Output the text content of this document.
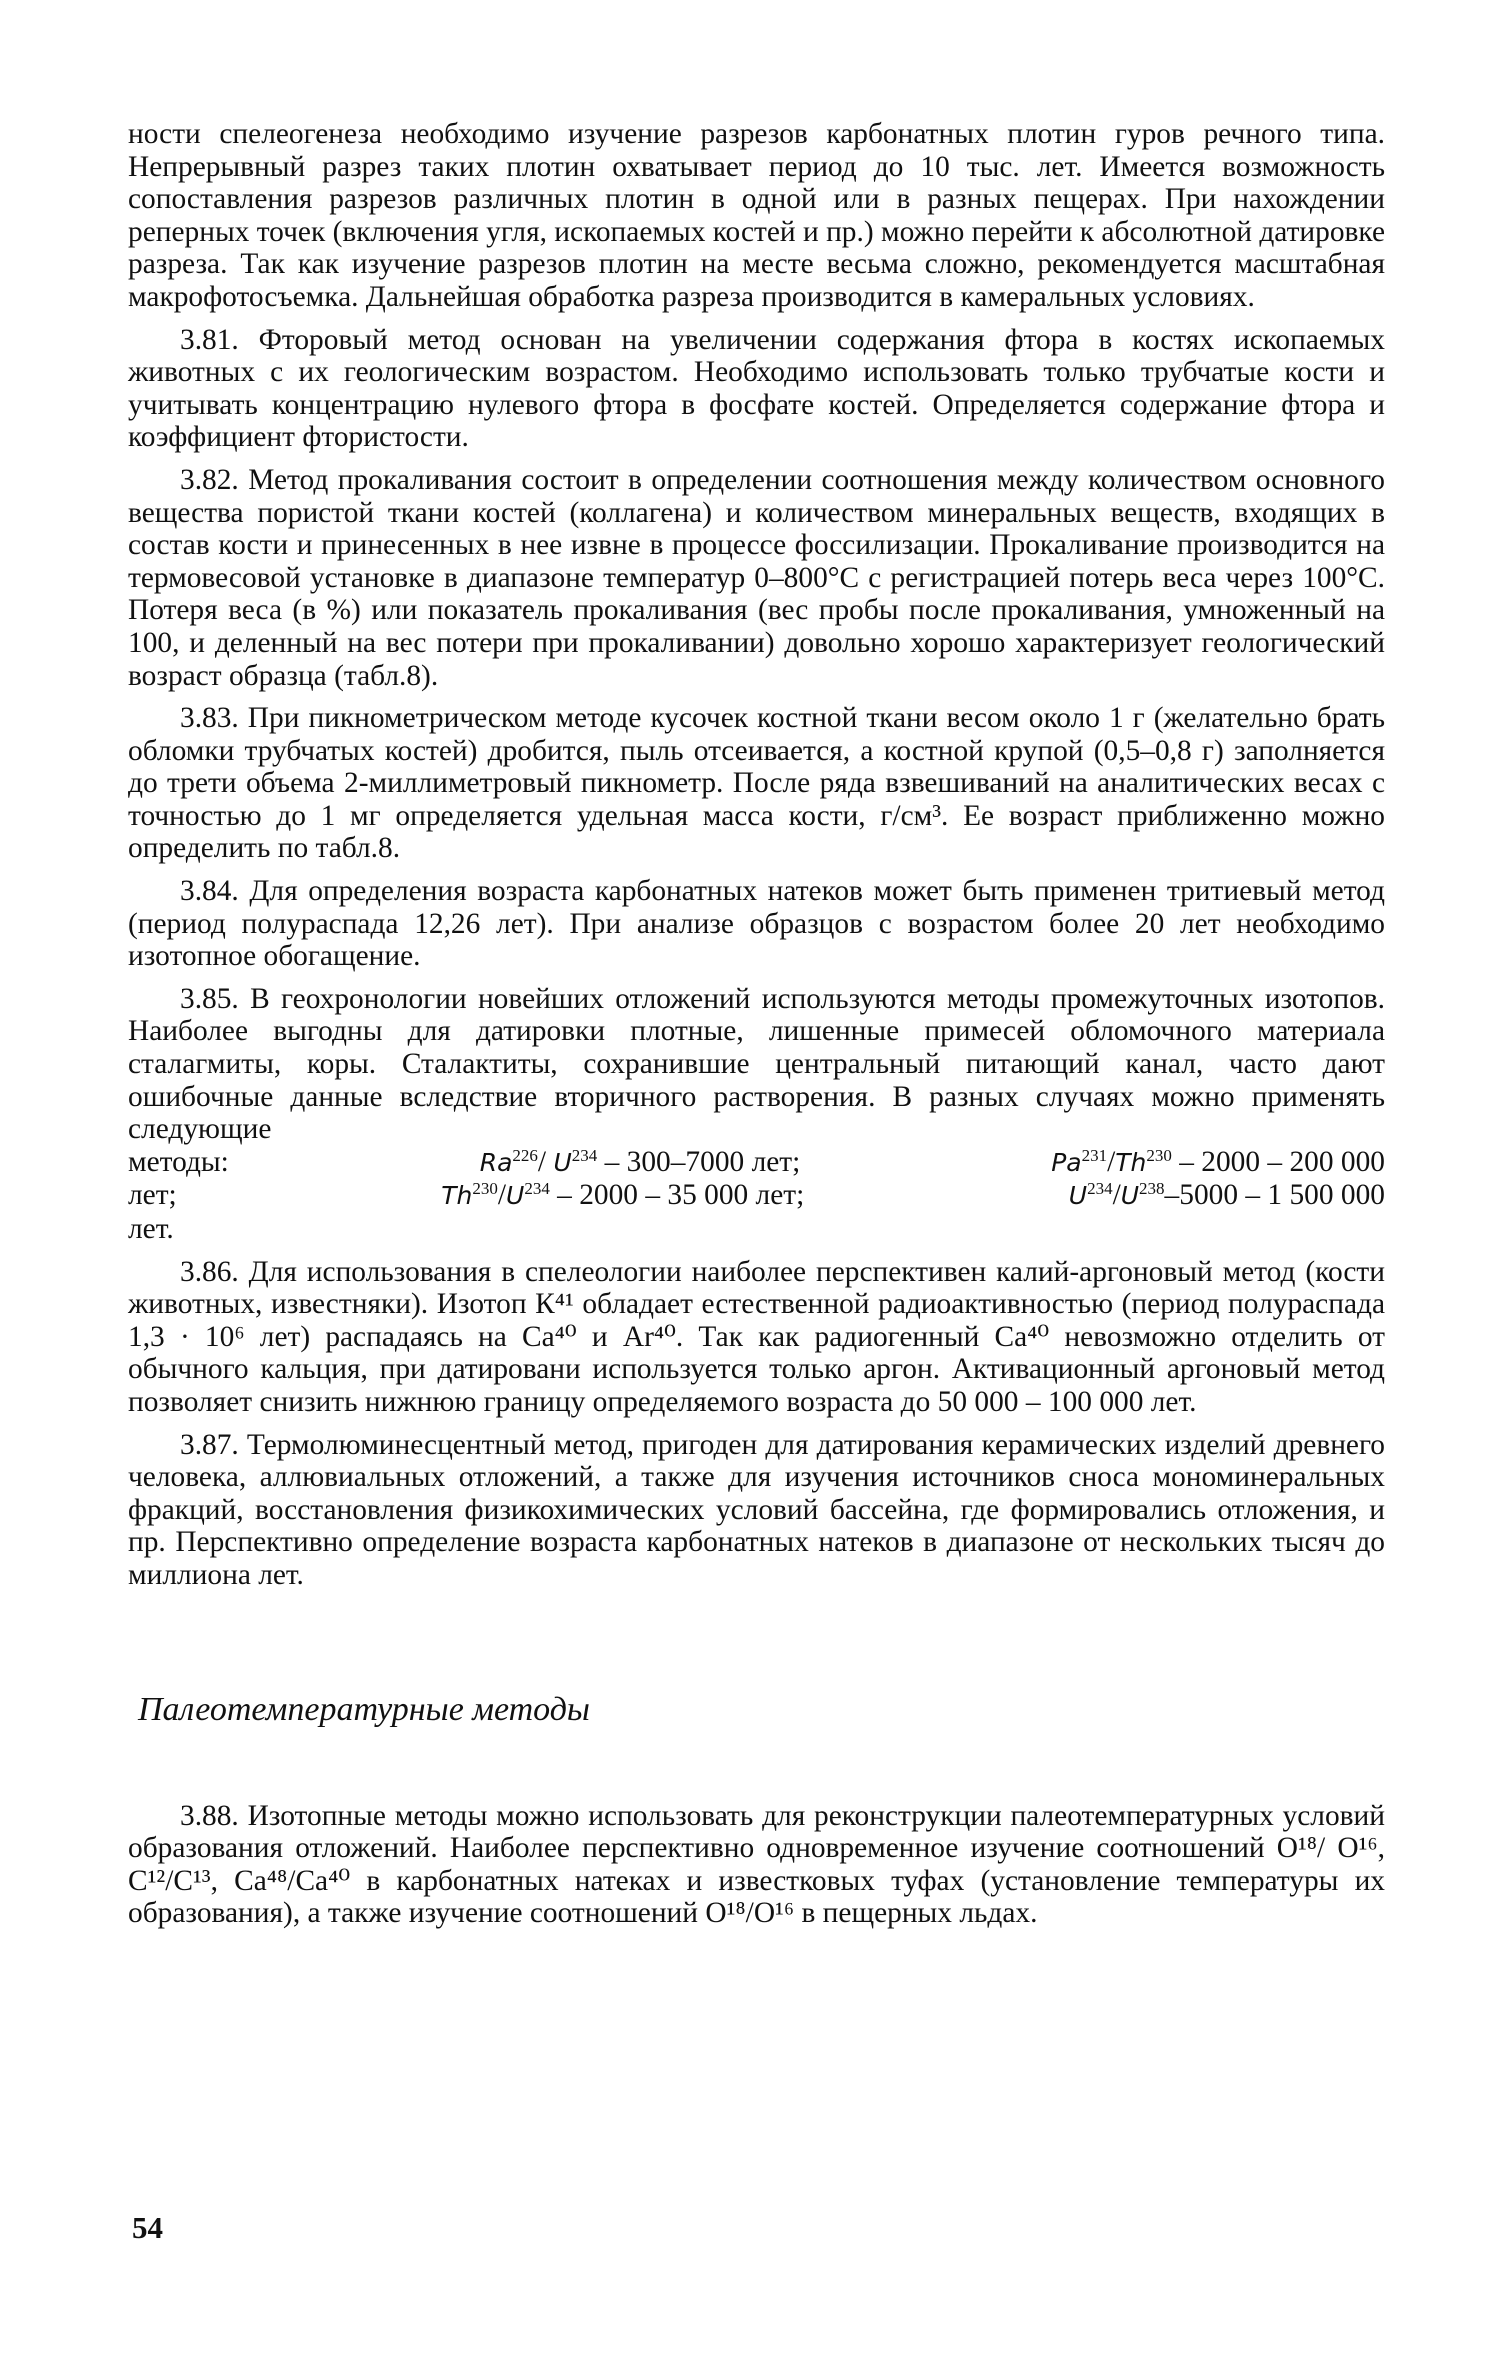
ности спелеогенеза необходимо изучение разрезов карбонатных плотин гуров речного типа. Непрерывный разрез таких плотин охватывает период до 10 тыс. лет. Имеется возможность сопоставления разрезов различных плотин в одной или в разных пещерах. При нахождении реперных точек (включения угля, ископаемых костей и пр.) можно перейти к абсолютной датировке разреза. Так как изучение разрезов плотин на месте весьма сложно, рекомендуется масштабная макрофотосъемка. Дальнейшая обработка разреза производится в камеральных условиях.

3.81. Фторовый метод основан на увеличении содержания фтора в костях ископаемых животных с их геологическим возрастом. Необходимо использовать только трубчатые кости и учитывать концентрацию нулевого фтора в фосфате костей. Определяется содержание фтора и коэффициент фтористости.

3.82. Метод прокаливания состоит в определении соотношения между количеством основного вещества пористой ткани костей (коллагена) и количеством минеральных веществ, входящих в состав кости и принесенных в нее извне в процессе фоссилизации. Прокаливание производится на термовесовой установке в диапазоне температур 0–800°С с регистрацией потерь веса через 100°С. Потеря веса (в %) или показатель прокаливания (вес пробы после прокаливания, умноженный на 100, и деленный на вес потери при прокаливании) довольно хорошо характеризует геологический возраст образца (табл.8).

3.83. При пикнометрическом методе кусочек костной ткани весом около 1 г (желательно брать обломки трубчатых костей) дробится, пыль отсеивается, а костной крупой (0,5–0,8 г) заполняется до трети объема 2-миллиметровый пикнометр. После ряда взвешиваний на аналитических весах с точностью до 1 мг определяется удельная масса кости, г/см³. Ее возраст приближенно можно определить по табл.8.

3.84. Для определения возраста карбонатных натеков может быть применен тритиевый метод (период полураспада 12,26 лет). При анализе образцов с возрастом более 20 лет необходимо изотопное обогащение.

3.85. В геохронологии новейших отложений используются методы промежуточных изотопов. Наиболее выгодны для датировки плотные, лишенные примесей обломочного материала сталагмиты, коры. Сталактиты, сохранившие центральный питающий канал, часто дают ошибочные данные вследствие вторичного растворения. В разных случаях можно применять следующие

методы:	Ra$^{226}$/ $U^{234} - 300-7000$ лет;	Pa$^{231}$/Th$^{230}$ – 2000 – 200 000
лет;	$Th^{230}/U^{234} - 2000 - 35$ 000 лет;	$U^{234}/U^{238}-5000 - 1$ 500 000

лет.

3.86. Для использования в спелеологии наиболее перспективен калий-аргоновый метод (кости животных, известняки). Изотоп К⁴¹ обладает естественной радиоактивностью (период полураспада 1,3 · 10⁶ лет) распадаясь на Са⁴⁰ и Ar⁴⁰. Так как радиогенный Са⁴⁰ невозможно отделить от обычного кальция, при датировани используется только аргон. Активационный аргоновый метод позволяет снизить нижнюю границу определяемого возраста до 50 000 – 100 000 лет.

3.87. Термолюминесцентный метод, пригоден для датирования керамических изделий древнего человека, аллювиальных отложений, а также для изучения источников сноса мономинеральных фракций, восстановления физикохимических условий бассейна, где формировались отложения, и пр. Перспективно определение возраста карбонатных натеков в диапазоне от нескольких тысяч до миллиона лет.

Палеотемпературные методы

3.88. Изотопные методы можно использовать для реконструкции палеотемпературных условий образования отложений. Наиболее перспективно одновременное изучение соотношений О¹⁸/ О¹⁶, С¹²/С¹³, Са⁴⁸/Са⁴⁰ в карбонатных натеках и известковых туфах (установление температуры их образования), а также изучение соотношений О¹⁸/О¹⁶ в пещерных льдах.

54
